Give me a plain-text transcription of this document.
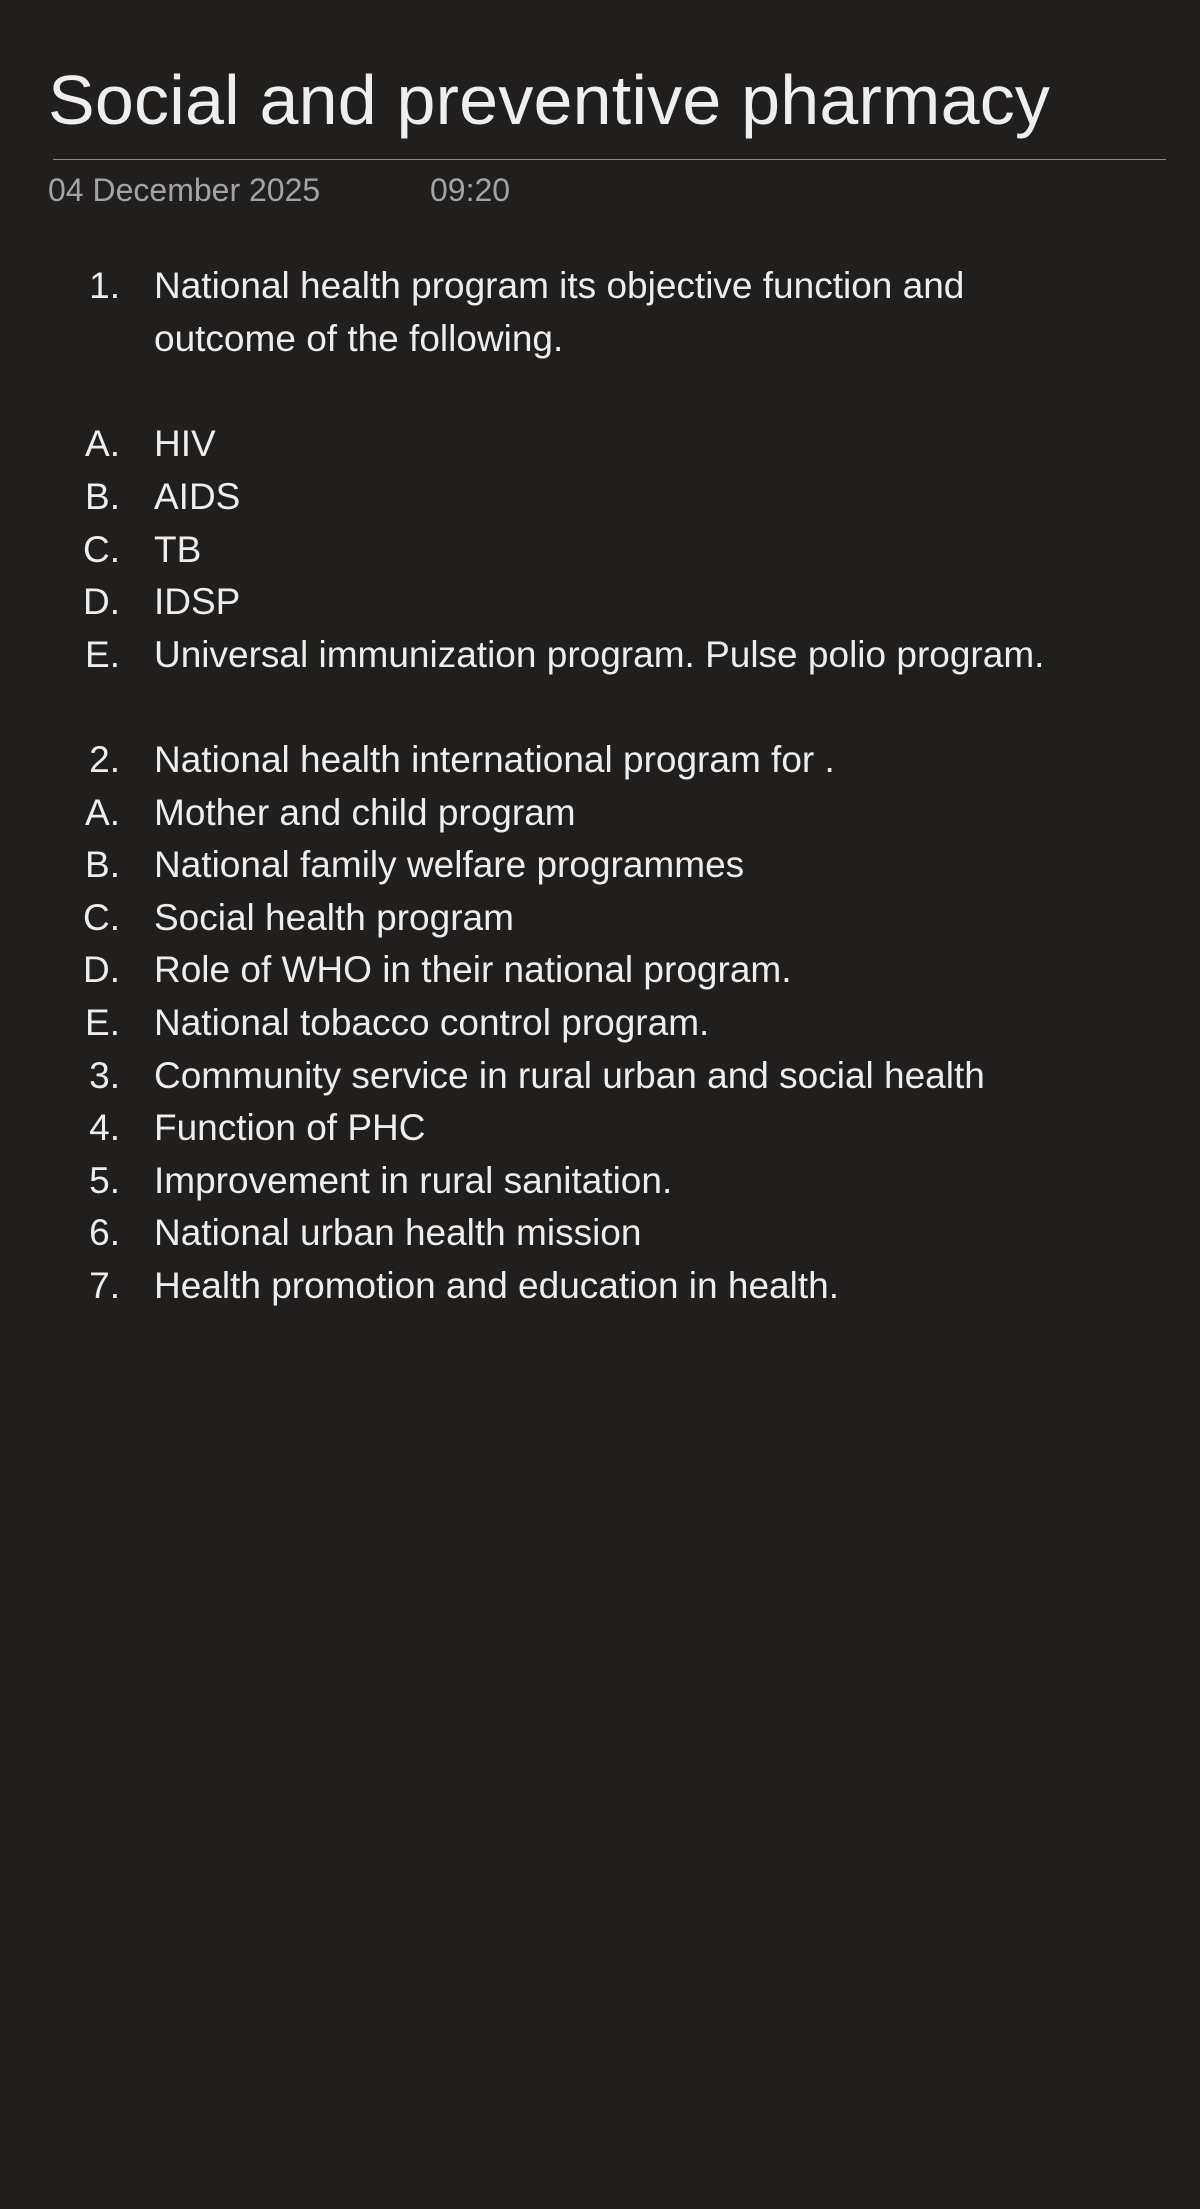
Social and preventive pharmacy
04 December 2025	09:20
1. National health program its objective function and outcome of the following.
A. HIV
B. AIDS
C. TB
D. IDSP
E. Universal immunization program. Pulse polio program.
2. National health international program for .
A. Mother and child program
B. National family welfare programmes
C. Social health program
D. Role of WHO in their national program.
E. National tobacco control program.
3. Community service in rural urban and social health
4. Function of PHC
5. Improvement in rural sanitation.
6. National urban health mission
7. Health promotion and education in health.
